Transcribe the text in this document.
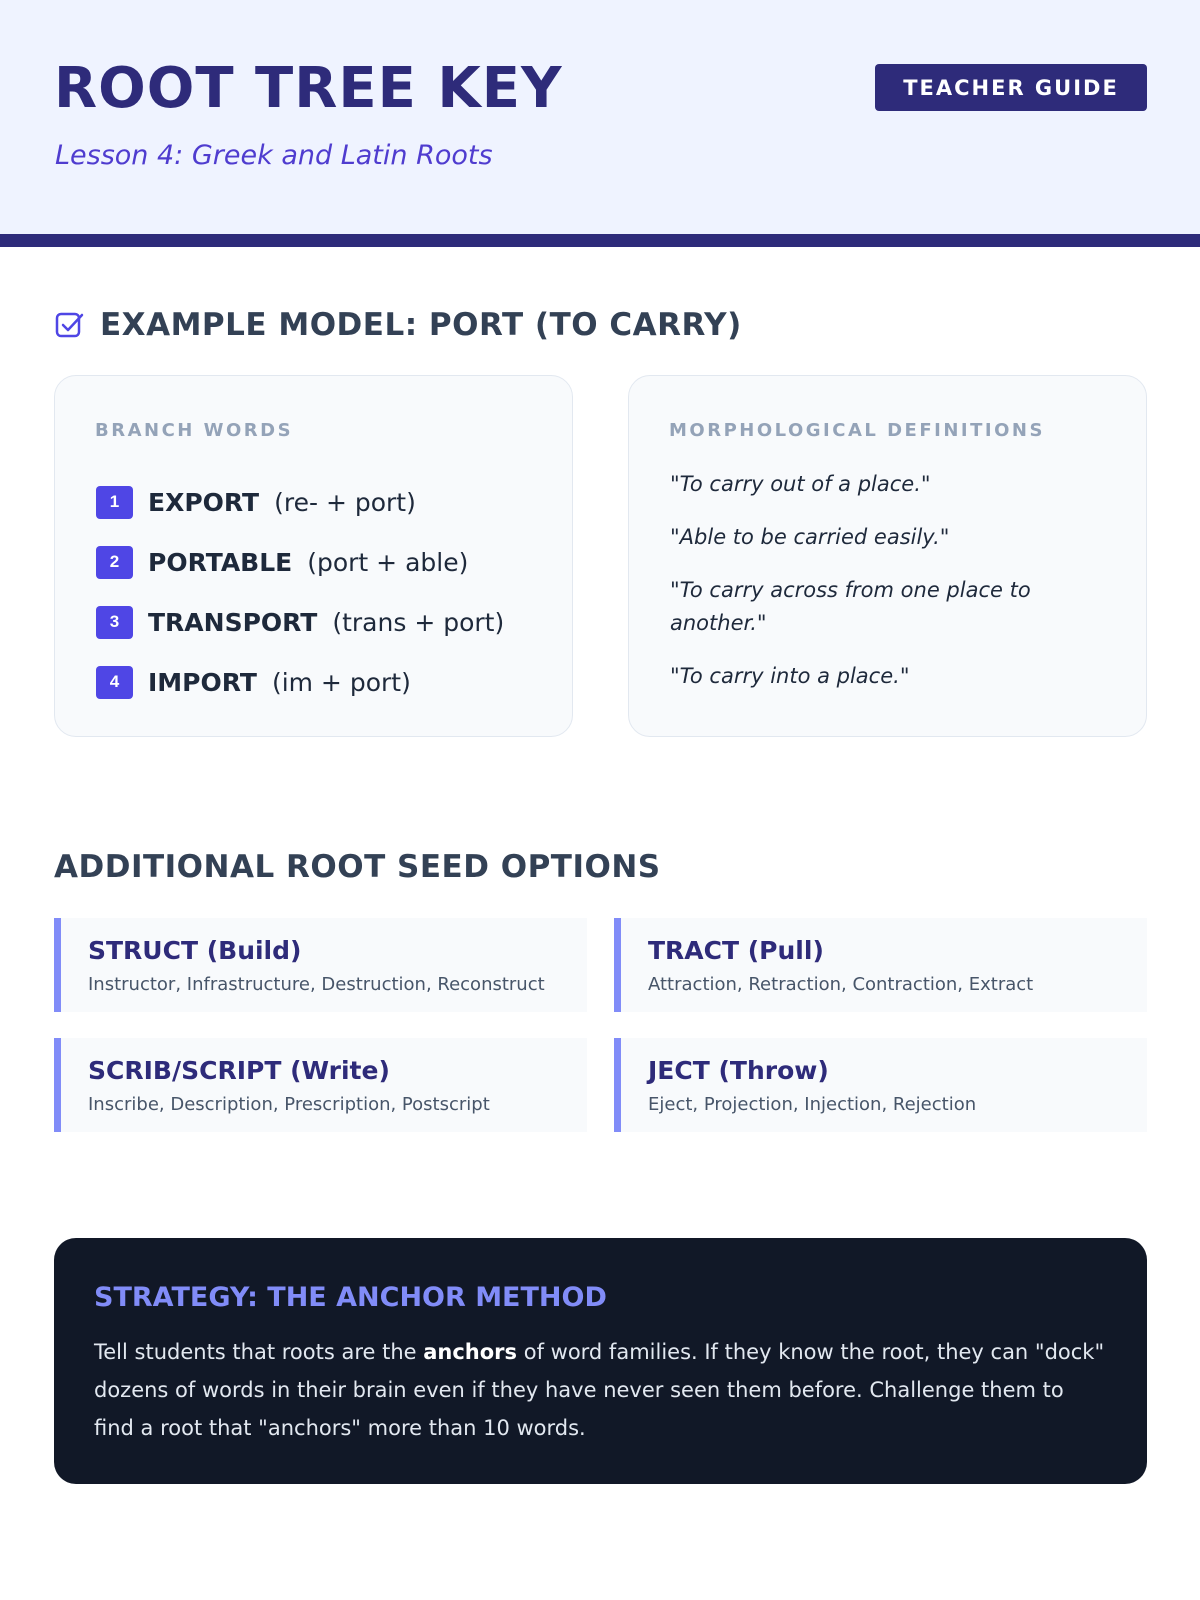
ROOT TREE KEY
Lesson 4: Greek and Latin Roots
TEACHER GUIDE
EXAMPLE MODEL: PORT (TO CARRY)
BRANCH WORDS
1	EXPORT (re- + port)
2	PORTABLE (port + able)
3	TRANSPORT (trans + port)
4	IMPORT (im + port)
MORPHOLOGICAL DEFINITIONS
"To carry out of a place."
"Able to be carried easily."
"To carry across from one place to another."
"To carry into a place."
ADDITIONAL ROOT SEED OPTIONS
STRUCT (Build)
Instructor, Infrastructure, Destruction, Reconstruct
TRACT (Pull)
Attraction, Retraction, Contraction, Extract
SCRIB/SCRIPT (Write)
Inscribe, Description, Prescription, Postscript
JECT (Throw)
Eject, Projection, Injection, Rejection
STRATEGY: THE ANCHOR METHOD

Tell students that roots are the anchors of word families. If they know the root, they can "dock" dozens of words in their brain even if they have never seen them before. Challenge them to find a root that "anchors" more than 10 words.
